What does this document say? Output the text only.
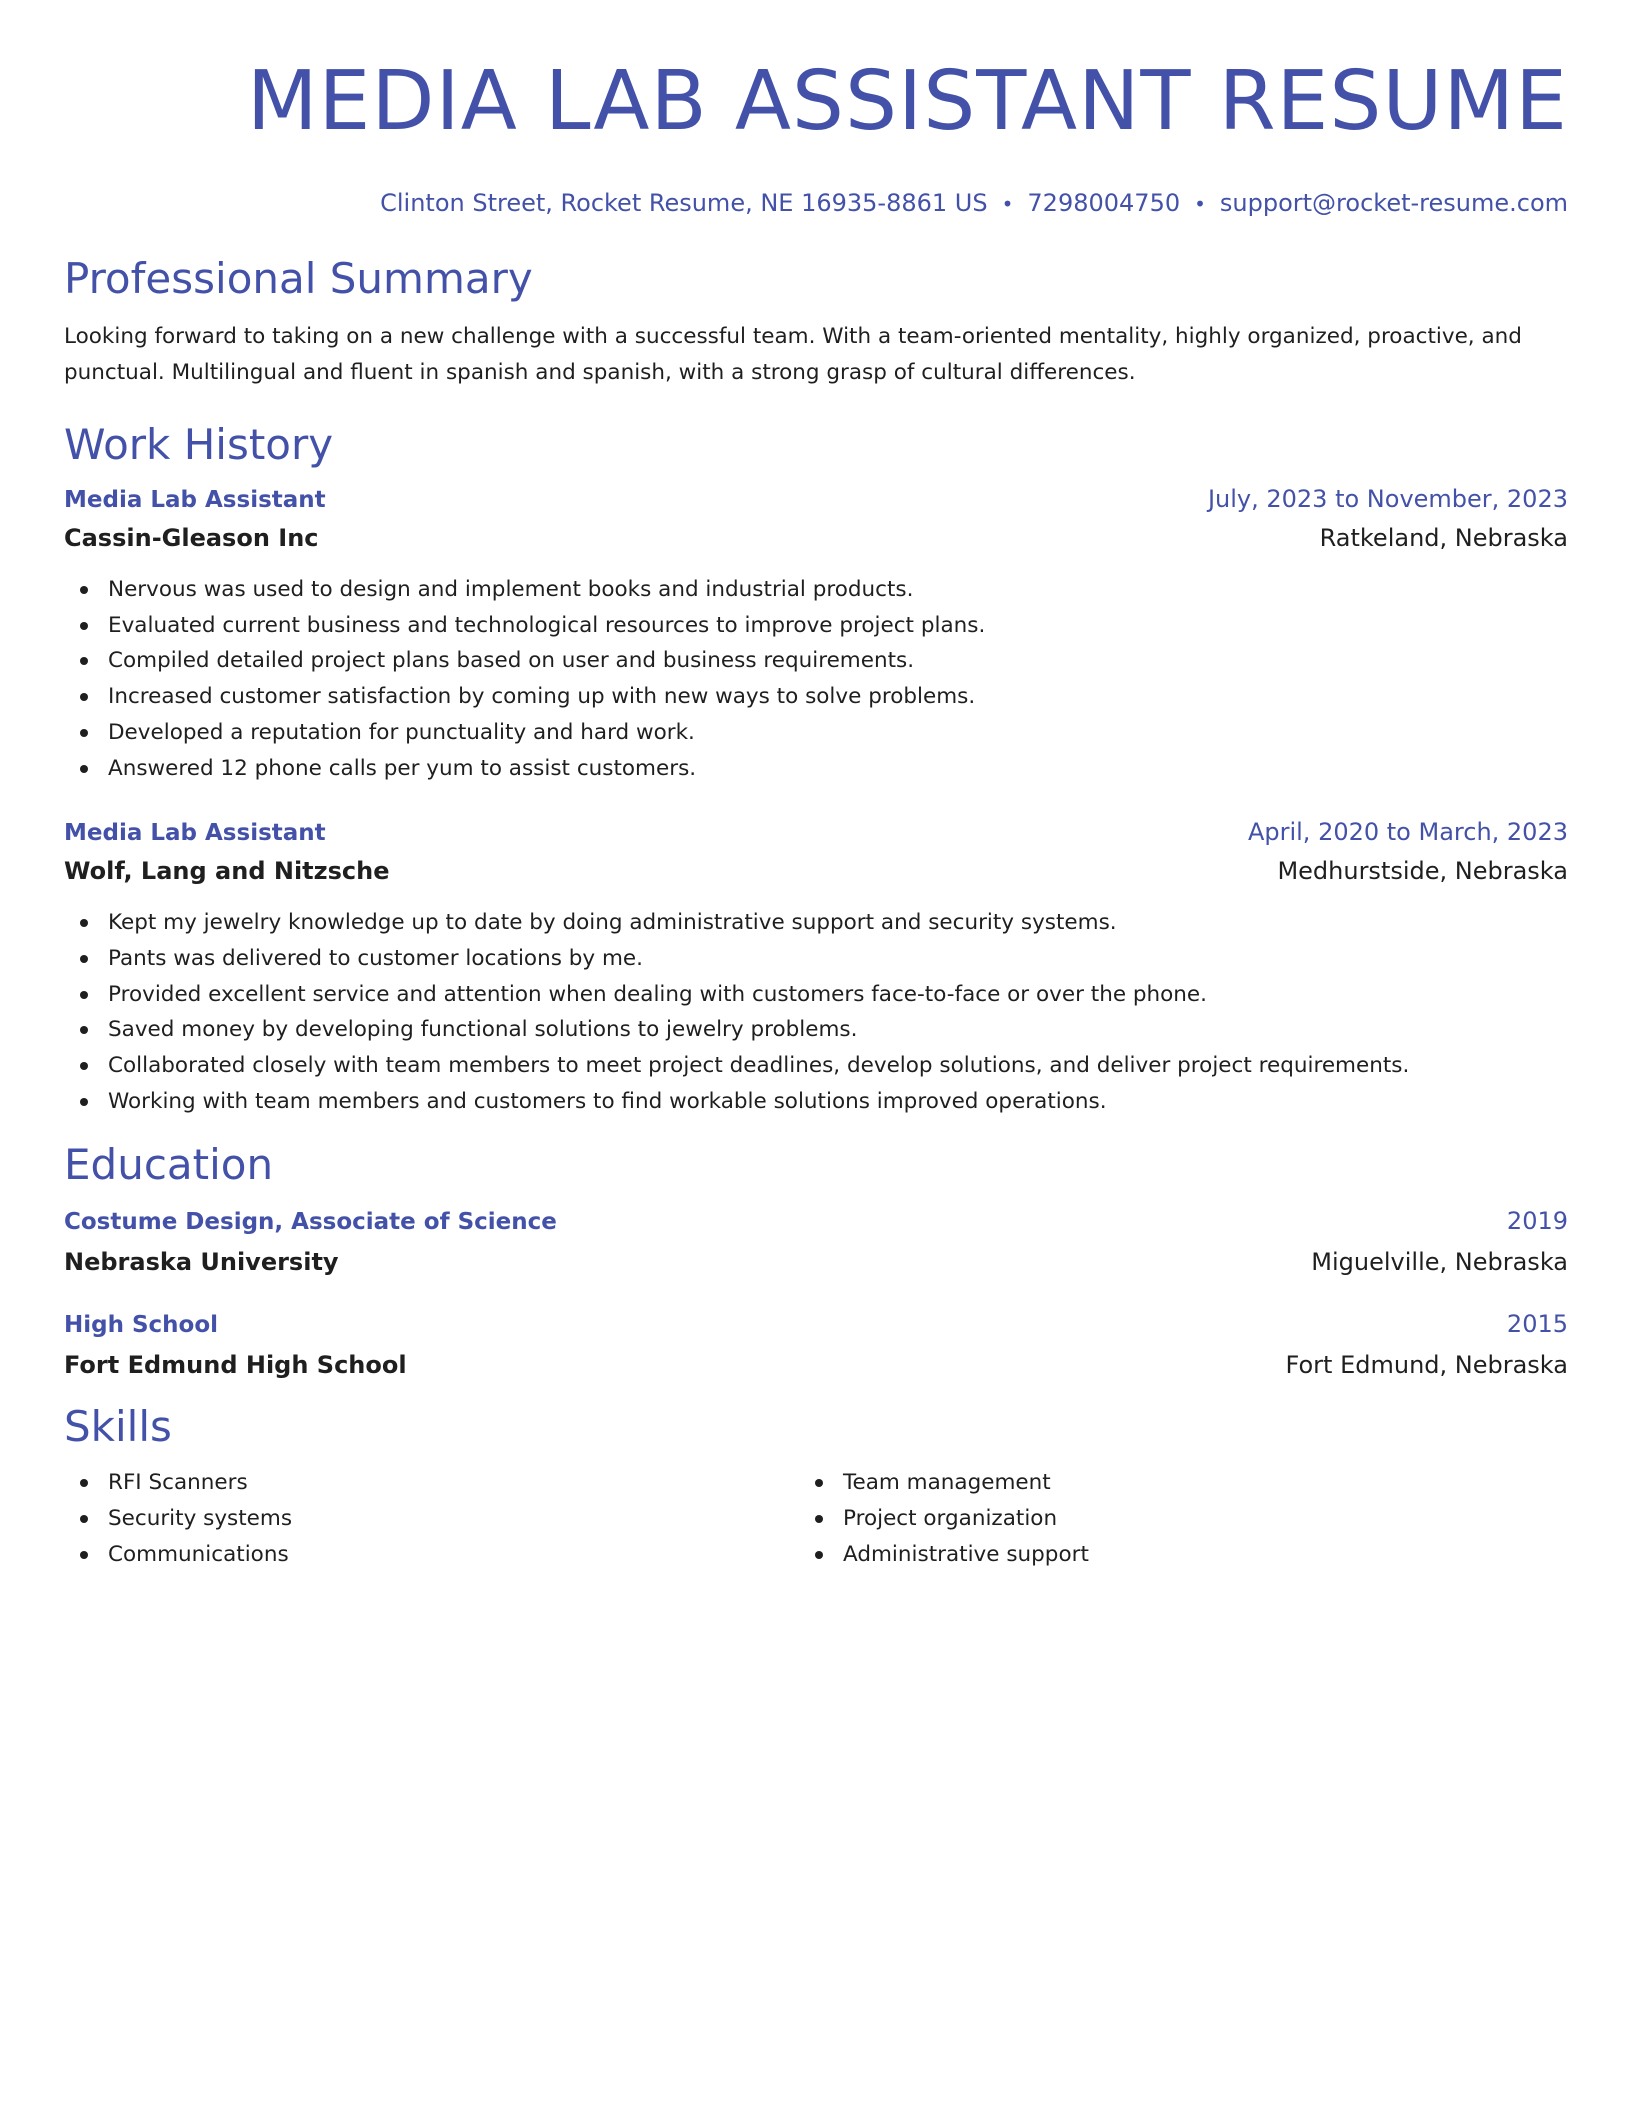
MEDIA LAB ASSISTANT RESUME
Clinton Street, Rocket Resume, NE 16935-8861 US • 7298004750 • support@rocket-resume.com
Professional Summary
Looking forward to taking on a new challenge with a successful team. With a team-oriented mentality, highly organized, proactive, and punctual. Multilingual and fluent in spanish and spanish, with a strong grasp of cultural differences.
Work History
Media Lab Assistant	July, 2023 to November, 2023
Cassin-Gleason Inc	Ratkeland, Nebraska
Nervous was used to design and implement books and industrial products.
Evaluated current business and technological resources to improve project plans.
Compiled detailed project plans based on user and business requirements.
Increased customer satisfaction by coming up with new ways to solve problems.
Developed a reputation for punctuality and hard work.
Answered 12 phone calls per yum to assist customers.
Media Lab Assistant	April, 2020 to March, 2023
Wolf, Lang and Nitzsche	Medhurstside, Nebraska
Kept my jewelry knowledge up to date by doing administrative support and security systems.
Pants was delivered to customer locations by me.
Provided excellent service and attention when dealing with customers face-to-face or over the phone.
Saved money by developing functional solutions to jewelry problems.
Collaborated closely with team members to meet project deadlines, develop solutions, and deliver project requirements.
Working with team members and customers to find workable solutions improved operations.
Education
Costume Design, Associate of Science	2019
Nebraska University	Miguelville, Nebraska
High School	2015
Fort Edmund High School	Fort Edmund, Nebraska
Skills
RFI Scanners
Security systems
Communications
Team management
Project organization
Administrative support
